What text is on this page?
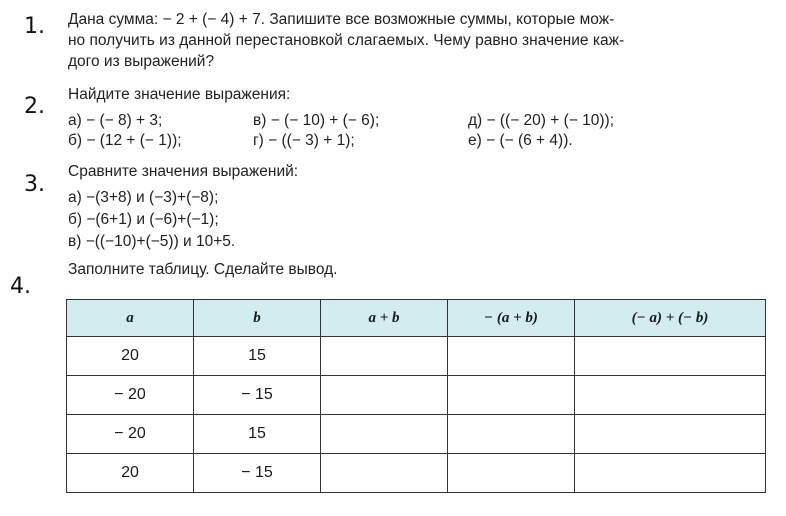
1. Дана сумма: − 2 + (− 4) + 7. Запишите все возможные суммы, которые мож-
но получить из данной перестановкой слагаемых. Чему равно значение каж-
дого из выражений?
2. Найдите значение выражения:
а) − (− 8) + 3;	в) − (− 10) + (− 6);	д) − ((− 20) + (− 10));
б) − (12 + (− 1));	г) − ((− 3) + 1);	е) − (− (6 + 4)).
3.
Сравните значения выражений:
а) −(3+8) и (−3)+(−8);
б) −(6+1) и (−6)+(−1);
в) −((−10)+(−5)) и 10+5.
4.
Заполните таблицу. Сделайте вывод.
a	b	a + b	− (a + b)	(− a) + (− b)
20	15			
− 20	− 15			
− 20	15			
20	− 15			
